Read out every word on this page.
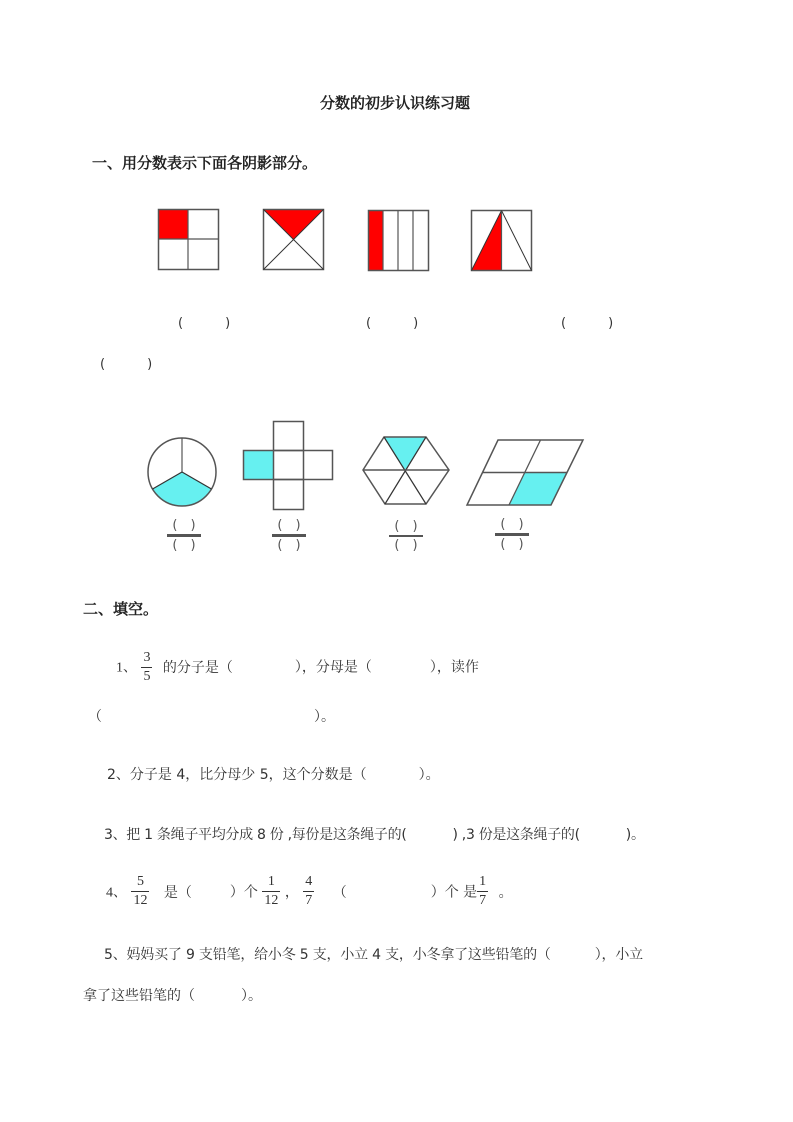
分数的初步认识练习题
一、用分数表示下面各阴影部分。
(	)	(	)	(	)
(	)
(　)
(　)
(　)
(　)
(　)
(　)
(　)
(　)
二、填空。
1、 $\frac{3}{5}$ 的分子是（	），分母是（	），读作
（	）。
2、分子是 4，比分母少 5，这个分数是（	）。
3、把 1 条绳子平均分成 8 份 ,每份是这条绳子的(	) ,3 份是这条绳子的(	)。
4、 $\frac{5}{12}$ 是（	）个 $\frac{1}{12}$ ， $\frac{4}{7}$ （	）个 是 $\frac{1}{7}$ 。
5、妈妈买了 9 支铅笔，给小冬 5 支，小立 4 支，小冬拿了这些铅笔的（	），小立
拿了这些铅笔的（	）。
